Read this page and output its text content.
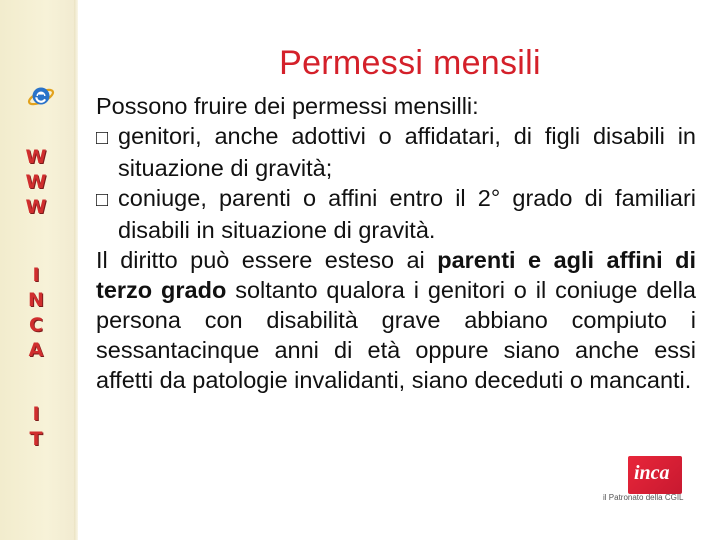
W
W
W
I
N
C
A
I
T
Permessi mensili

Possono fruire dei permessi mensilli:

□ genitori, anche adottivi o affidatari, di figli disabili in situazione di gravità;

□ coniuge, parenti o affini entro il 2° grado di familiari disabili in situazione di gravità.

Il diritto può essere esteso ai parenti e agli affini di terzo grado soltanto qualora i genitori o il coniuge della persona con disabilità grave abbiano compiuto i sessantacinque anni di età oppure siano anche essi affetti da patologie invalidanti, siano deceduti o mancanti.

inca
il Patronato della CGIL
